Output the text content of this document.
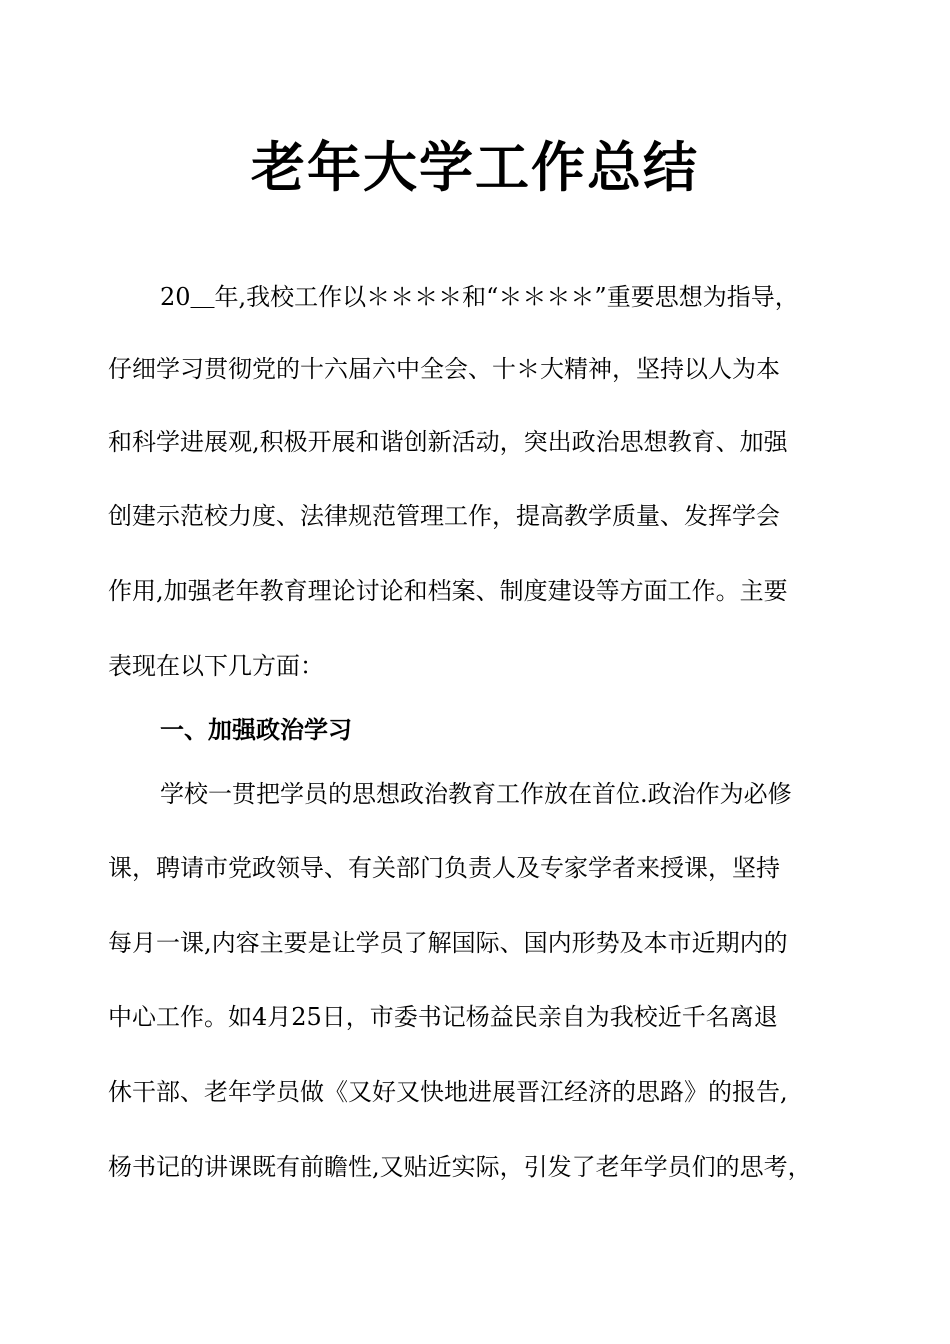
老年大学工作总结
20＿年,我校工作以＊＊＊＊和“＊＊＊＊”重要思想为指导，
仔细学习贯彻党的十六届六中全会、十＊大精神，坚持以人为本
和科学进展观,积极开展和谐创新活动，突出政治思想教育、加强
创建示范校力度、法律规范管理工作，提高教学质量、发挥学会
作用,加强老年教育理论讨论和档案、制度建设等方面工作。主要
表现在以下几方面：
一、加强政治学习
学校一贯把学员的思想政治教育工作放在首位.政治作为必修
课，聘请市党政领导、有关部门负责人及专家学者来授课，坚持
每月一课,内容主要是让学员了解国际、国内形势及本市近期内的
中心工作。如4月25日，市委书记杨益民亲自为我校近千名离退
休干部、老年学员做《又好又快地进展晋江经济的思路》的报告,
杨书记的讲课既有前瞻性,又贴近实际，引发了老年学员们的思考，
